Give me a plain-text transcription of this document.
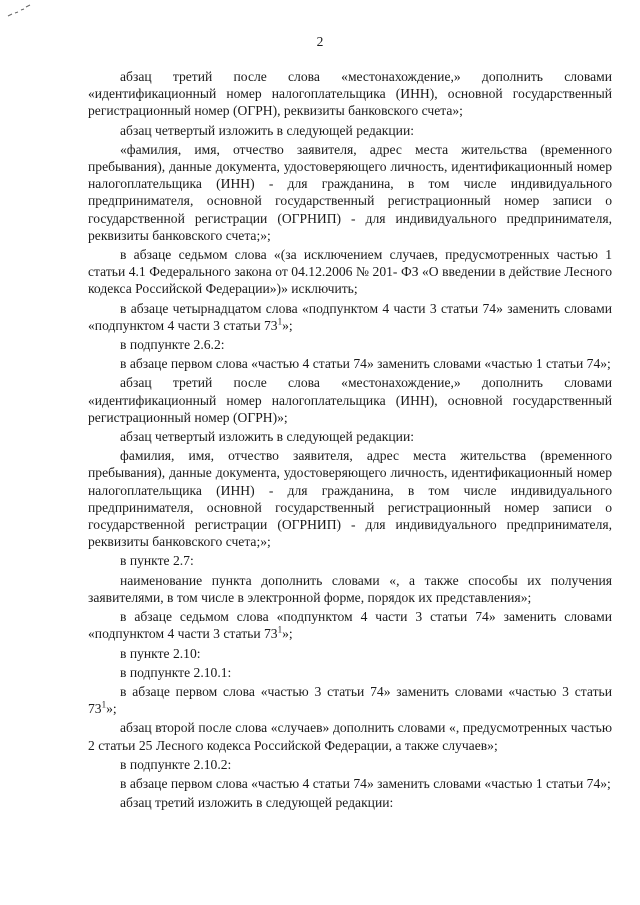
2

абзац третий после слова «местонахождение,» дополнить словами «идентификационный номер налогоплательщика (ИНН), основной государственный регистрационный номер (ОГРН), реквизиты банковского счета»;

абзац четвертый изложить в следующей редакции:

«фамилия, имя, отчество заявителя, адрес места жительства (временного пребывания), данные документа, удостоверяющего личность, идентификационный номер налогоплательщика (ИНН) - для гражданина, в том числе индивидуального предпринимателя, основной государственный регистрационный номер записи о государственной регистрации (ОГРНИП) - для индивидуального предпринимателя, реквизиты банковского счета;»;

в абзаце седьмом слова «(за исключением случаев, предусмотренных частью 1 статьи 4.1 Федерального закона от 04.12.2006 № 201- ФЗ «О введении в действие Лесного кодекса Российской Федерации»)» исключить;

в абзаце четырнадцатом слова «подпунктом 4 части 3 статьи 74» заменить словами «подпунктом 4 части 3 статьи $73^1$»;

в подпункте 2.6.2:

в абзаце первом слова «частью 4 статьи 74» заменить словами «частью 1 статьи 74»;

абзац третий после слова «местонахождение,» дополнить словами «идентификационный номер налогоплательщика (ИНН), основной государственный регистрационный номер (ОГРН)»;

абзац четвертый изложить в следующей редакции:

фамилия, имя, отчество заявителя, адрес места жительства (временного пребывания), данные документа, удостоверяющего личность, идентификационный номер налогоплательщика (ИНН) - для гражданина, в том числе индивидуального предпринимателя, основной государственный регистрационный номер записи о государственной регистрации (ОГРНИП) - для индивидуального предпринимателя, реквизиты банковского счета;»;

в пункте 2.7:

наименование пункта дополнить словами «, а также способы их получения заявителями, в том числе в электронной форме, порядок их представления»;

в абзаце седьмом слова «подпунктом 4 части 3 статьи 74» заменить словами «подпунктом 4 части 3 статьи $73^1$»;

в пункте 2.10:

в подпункте 2.10.1:

в абзаце первом слова «частью 3 статьи 74» заменить словами «частью 3 статьи $73^1$»;

абзац второй после слова «случаев» дополнить словами «, предусмотренных частью 2 статьи 25 Лесного кодекса Российской Федерации, а также случаев»;

в подпункте 2.10.2:

в абзаце первом слова «частью 4 статьи 74» заменить словами «частью 1 статьи 74»;

абзац третий изложить в следующей редакции:
